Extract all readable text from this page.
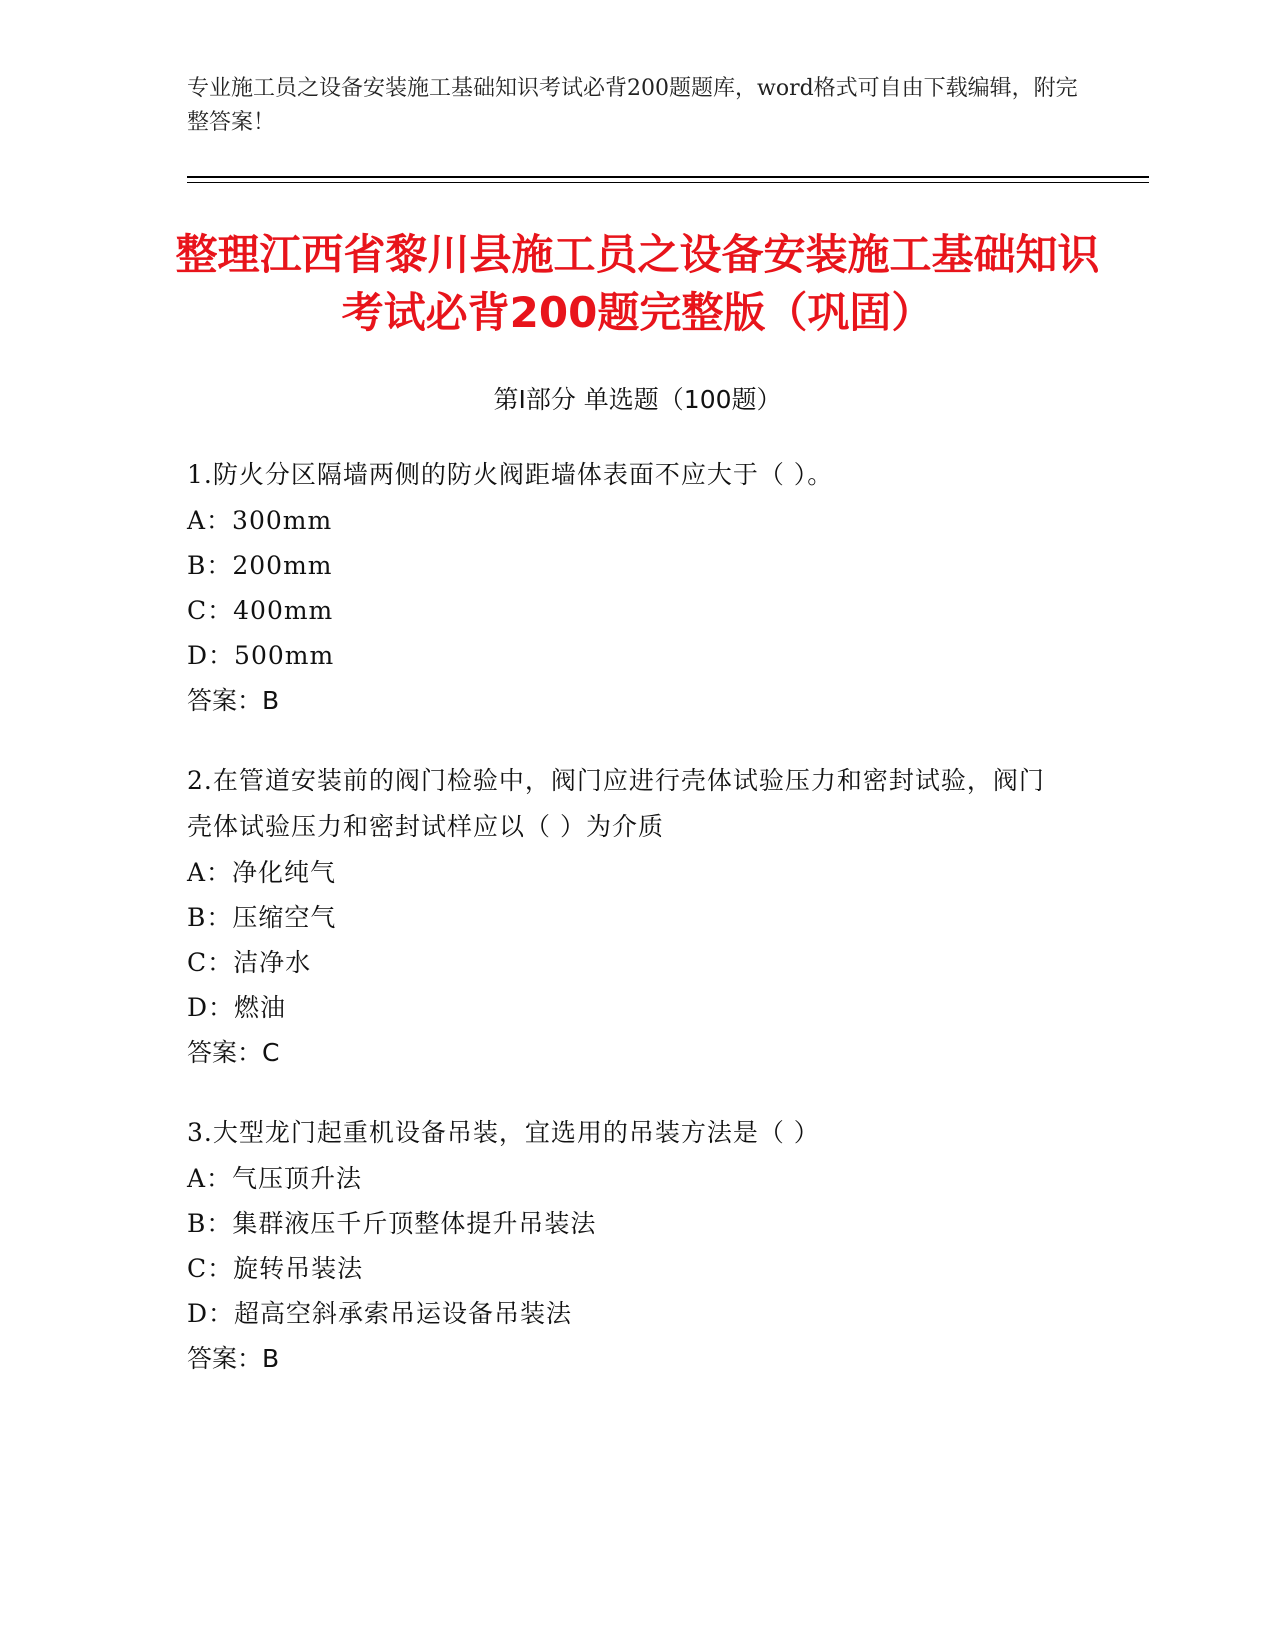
专业施工员之设备安装施工基础知识考试必背200题题库，word格式可自由下载编辑，附完整答案！
整理江西省黎川县施工员之设备安装施工基础知识考试必背200题完整版（巩固）
第Ⅰ部分 单选题（100题）
1.防火分区隔墙两侧的防火阀距墙体表面不应大于（ ）。
A：300mm
B：200mm
C：400mm
D：500mm
答案：B
2.在管道安装前的阀门检验中，阀门应进行壳体试验压力和密封试验，阀门壳体试验压力和密封试样应以（ ）为介质
A：净化纯气
B：压缩空气
C：洁净水
D：燃油
答案：C
3.大型龙门起重机设备吊装，宜选用的吊装方法是（ ）
A：气压顶升法
B：集群液压千斤顶整体提升吊装法
C：旋转吊装法
D：超高空斜承索吊运设备吊装法
答案：B
